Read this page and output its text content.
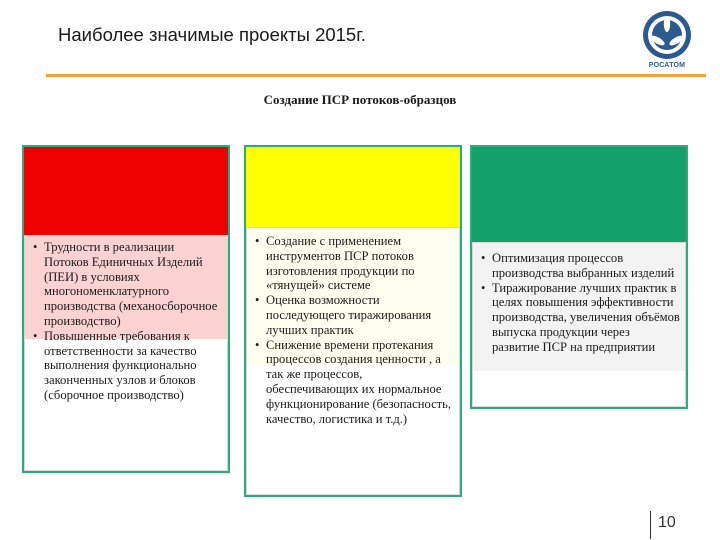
Наиболее значимые проекты 2015г.
РОСАТОМ
Создание ПСР потоков-образцов
• Трудности в реализации Потоков Единичных Изделий (ПЕИ) в условиях многономенклатурного производства (механосборочное производство)
• Повышенные требования к ответственности за качество выполнения функционально законченных узлов и блоков (сборочное производство)
• Создание с применением инструментов ПСР потоков изготовления продукции по «тянущей» системе
• Оценка возможности последующего тиражирования лучших практик
• Снижение времени протекания процессов создания ценности , а так же процессов, обеспечивающих их нормальное функционирование (безопасность, качество, логистика и т.д.)
• Оптимизация процессов производства выбранных изделий
• Тиражирование лучших практик в целях повышения эффективности производства, увеличения объёмов выпуска продукции через развитие ПСР на предприятии
10
